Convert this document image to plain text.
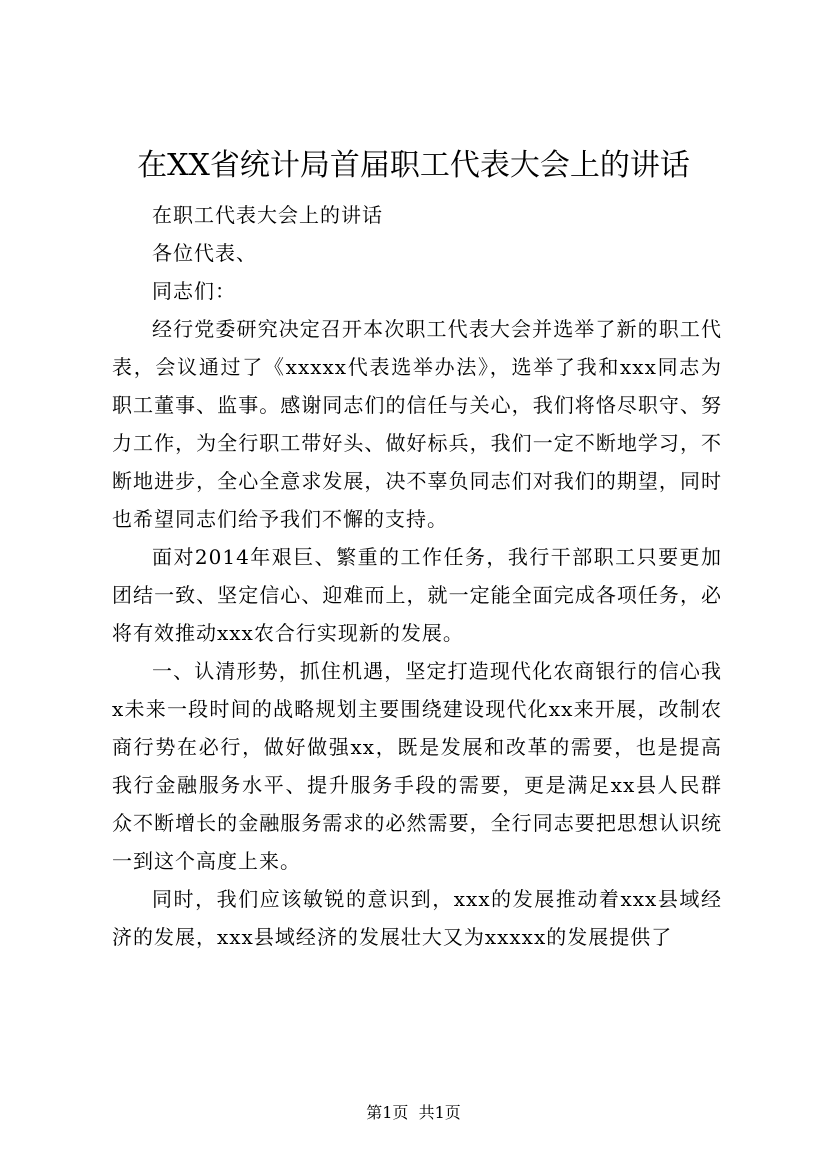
在XX省统计局首届职工代表大会上的讲话

在职工代表大会上的讲话

各位代表、

同志们：

经行党委研究决定召开本次职工代表大会并选举了新的职工代表，会议通过了《xxxxx代表选举办法》，选举了我和xxx同志为职工董事、监事。感谢同志们的信任与关心，我们将恪尽职守、努力工作，为全行职工带好头、做好标兵，我们一定不断地学习，不断地进步，全心全意求发展，决不辜负同志们对我们的期望，同时也希望同志们给予我们不懈的支持。

面对2014年艰巨、繁重的工作任务，我行干部职工只要更加团结一致、坚定信心、迎难而上，就一定能全面完成各项任务，必将有效推动xxx农合行实现新的发展。

一、认清形势，抓住机遇，坚定打造现代化农商银行的信心我x未来一段时间的战略规划主要围绕建设现代化xx来开展，改制农商行势在必行，做好做强xx，既是发展和改革的需要，也是提高我行金融服务水平、提升服务手段的需要，更是满足xx县人民群众不断增长的金融服务需求的必然需要，全行同志要把思想认识统一到这个高度上来。

同时，我们应该敏锐的意识到，xxx的发展推动着xxx县域经济的发展，xxx县域经济的发展壮大又为xxxxx的发展提供了

第1页  共1页
